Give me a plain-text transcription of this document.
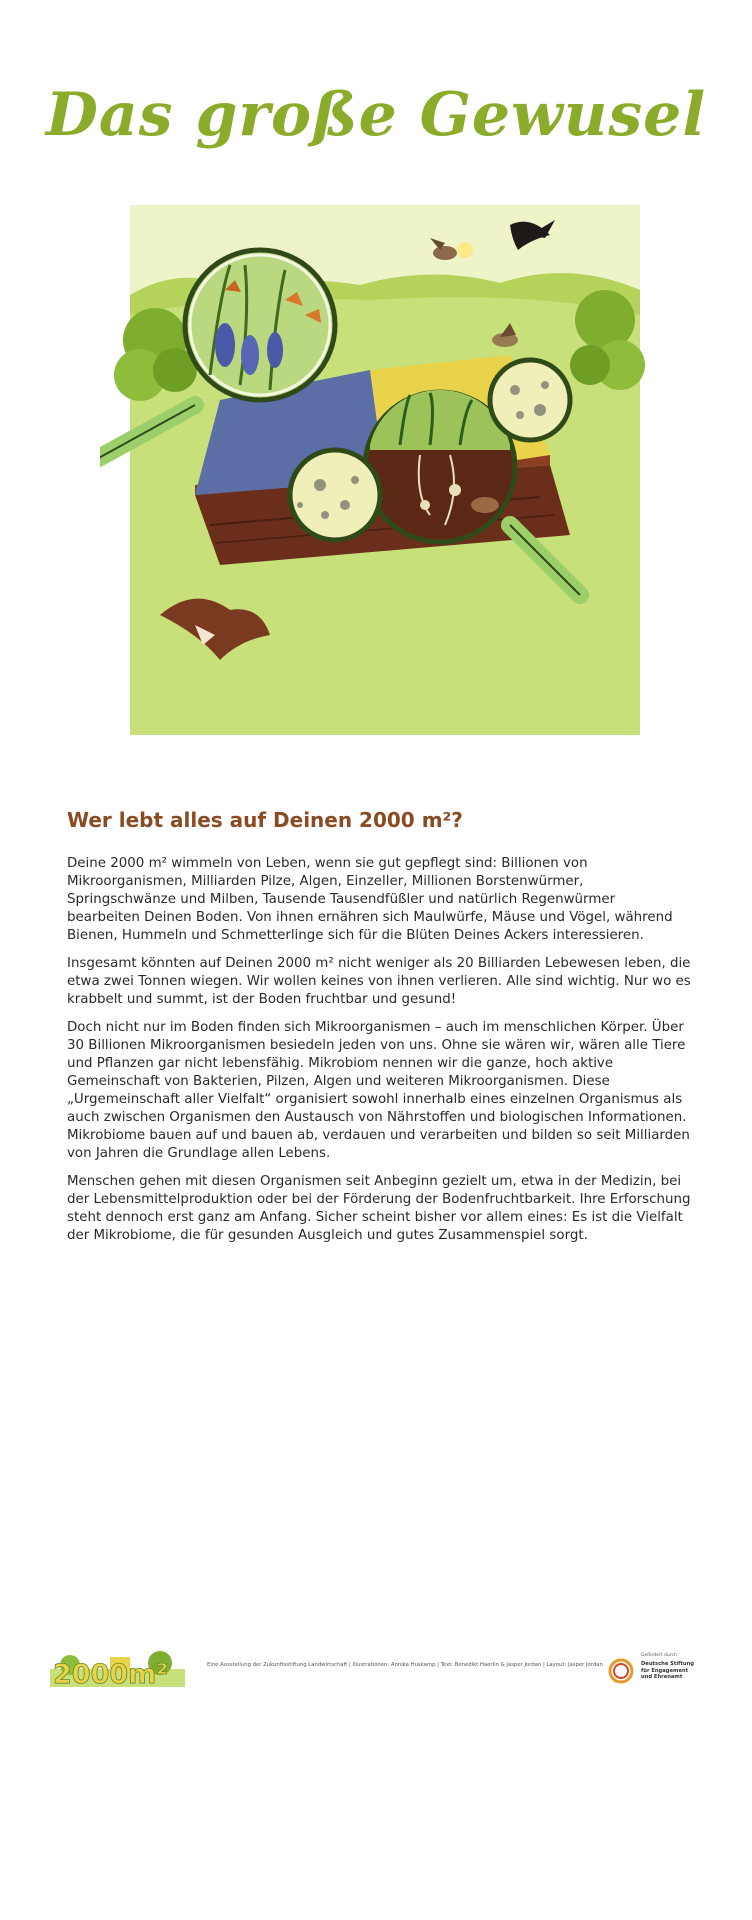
Das große Gewusel
Wer lebt alles auf Deinen 2000 m²?

Deine 2000 m² wimmeln von Leben, wenn sie gut gepflegt sind: Billionen von Mikroorganismen, Milliarden Pilze, Algen, Einzeller, Millionen Borstenwürmer, Springschwänze und Milben, Tausende Tausendfüßler und natürlich Regenwürmer bearbeiten Deinen Boden. Von ihnen ernähren sich Maulwürfe, Mäuse und Vögel, während Bienen, Hummeln und Schmetterlinge sich für die Blüten Deines Ackers interessieren.

Insgesamt könnten auf Deinen 2000 m² nicht weniger als 20 Billiarden Lebewesen leben, die etwa zwei Tonnen wiegen. Wir wollen keines von ihnen verlieren. Alle sind wichtig. Nur wo es krabbelt und summt, ist der Boden fruchtbar und gesund!

Doch nicht nur im Boden finden sich Mikroorganismen – auch im menschlichen Körper. Über 30 Billionen Mikroorganismen besiedeln jeden von uns. Ohne sie wären wir, wären alle Tiere und Pflanzen gar nicht lebensfähig. Mikrobiom nennen wir die ganze, hoch aktive Gemeinschaft von Bakterien, Pilzen, Algen und weiteren Mikroorganismen. Diese „Urgemeinschaft aller Vielfalt“ organisiert sowohl innerhalb eines einzelnen Organismus als auch zwischen Organismen den Austausch von Nährstoffen und biologischen Informationen. Mikrobiome bauen auf und bauen ab, verdauen und verarbeiten und bilden so seit Milliarden von Jahren die Grundlage allen Lebens.

Menschen gehen mit diesen Organismen seit Anbeginn gezielt um, etwa in der Medizin, bei der Lebensmittelproduktion oder bei der Förderung der Bodenfruchtbarkeit. Ihre Erforschung steht dennoch erst ganz am Anfang. Sicher scheint bisher vor allem eines: Es ist die Vielfalt der Mikrobiome, die für gesunden Ausgleich und gutes Zusammenspiel sorgt.

2000m²	Eine Ausstellung der Zukunftsstiftung Landwirtschaft | Illustrationen: Annika Huskamp | Text: Benedikt Haerlin & Jasper Jordan | Layout: Jasper Jordan
Gefördert durch
Deutsche Stiftung
für Engagement
und Ehrenamt
